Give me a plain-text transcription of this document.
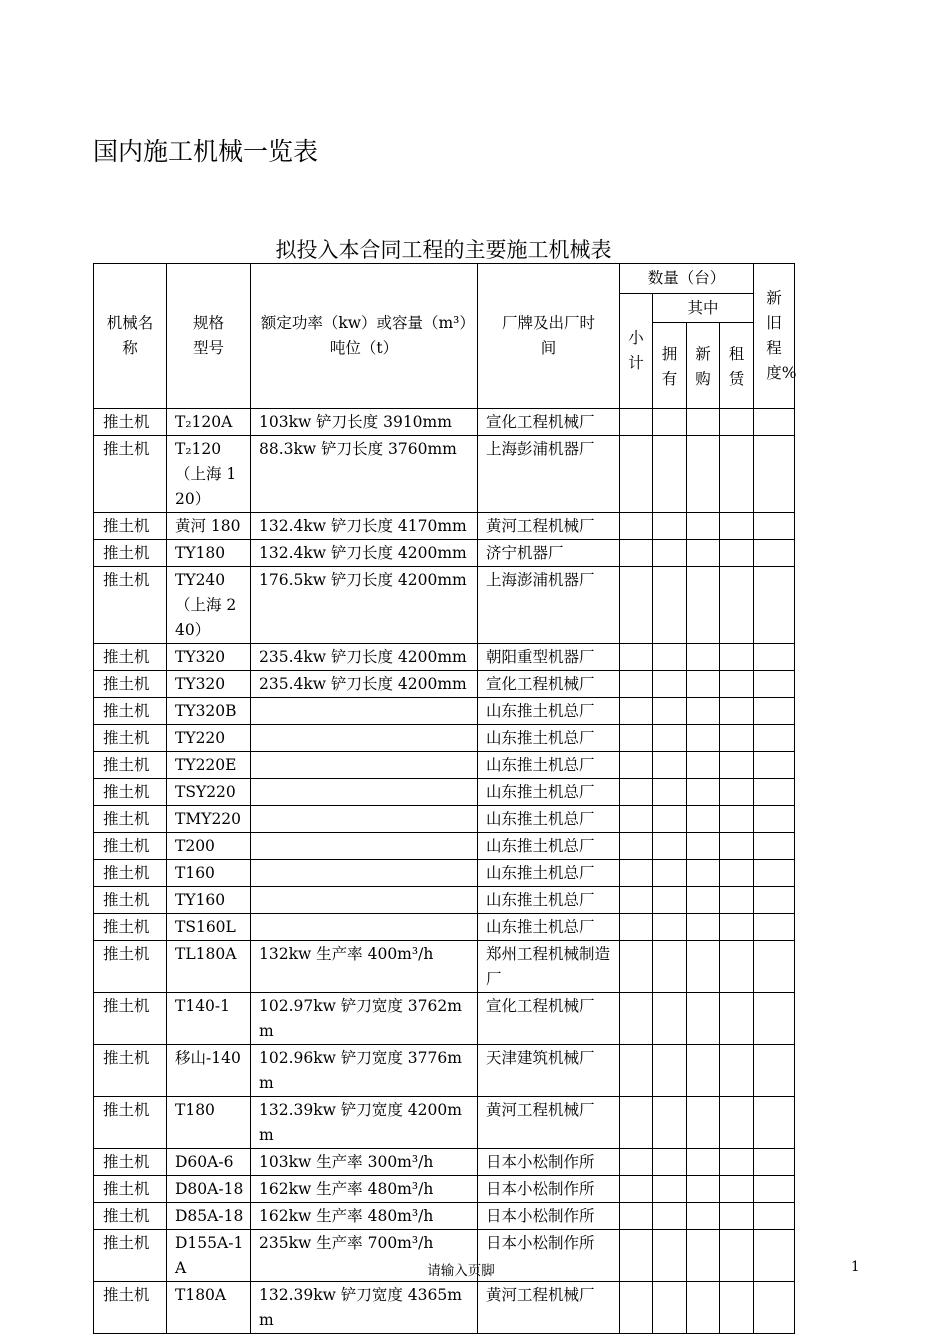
国内施工机械一览表
拟投入本合同工程的主要施工机械表
机械名称	规格型号	额定功率（kw）或容量（m³）吨位（t）	厂牌及出厂时间	数量（台）				新旧程度%
				小计	其中			
					拥有	新购	租赁	
推土机	T₂120A	103kw 铲刀长度 3910mm	宣化工程机械厂					
推土机	T₂120（上海 120）	88.3kw 铲刀长度 3760mm	上海彭浦机器厂					
推土机	黄河 180	132.4kw 铲刀长度 4170mm	黄河工程机械厂					
推土机	TY180	132.4kw 铲刀长度 4200mm	济宁机器厂					
推土机	TY240（上海 240）	176.5kw 铲刀长度 4200mm	上海澎浦机器厂					
推土机	TY320	235.4kw 铲刀长度 4200mm	朝阳重型机器厂					
推土机	TY320	235.4kw 铲刀长度 4200mm	宣化工程机械厂					
推土机	TY320B		山东推土机总厂					
推土机	TY220		山东推土机总厂					
推土机	TY220E		山东推土机总厂					
推土机	TSY220		山东推土机总厂					
推土机	TMY220		山东推土机总厂					
推土机	T200		山东推土机总厂					
推土机	T160		山东推土机总厂					
推土机	TY160		山东推土机总厂					
推土机	TS160L		山东推土机总厂					
推土机	TL180A	132kw 生产率 400m³/h	郑州工程机械制造厂					
推土机	T140-1	102.97kw 铲刀宽度 3762mm	宣化工程机械厂					
推土机	移山-140	102.96kw 铲刀宽度 3776mm	天津建筑机械厂					
推土机	T180	132.39kw 铲刀宽度 4200mm	黄河工程机械厂					
推土机	D60A-6	103kw 生产率 300m³/h	日本小松制作所					
推土机	D80A-18	162kw 生产率 480m³/h	日本小松制作所					
推土机	D85A-18	162kw 生产率 480m³/h	日本小松制作所					
推土机	D155A-1A	235kw 生产率 700m³/h	日本小松制作所					
推土机	T180A	132.39kw 铲刀宽度 4365mm	黄河工程机械厂					
请输入页脚	1
